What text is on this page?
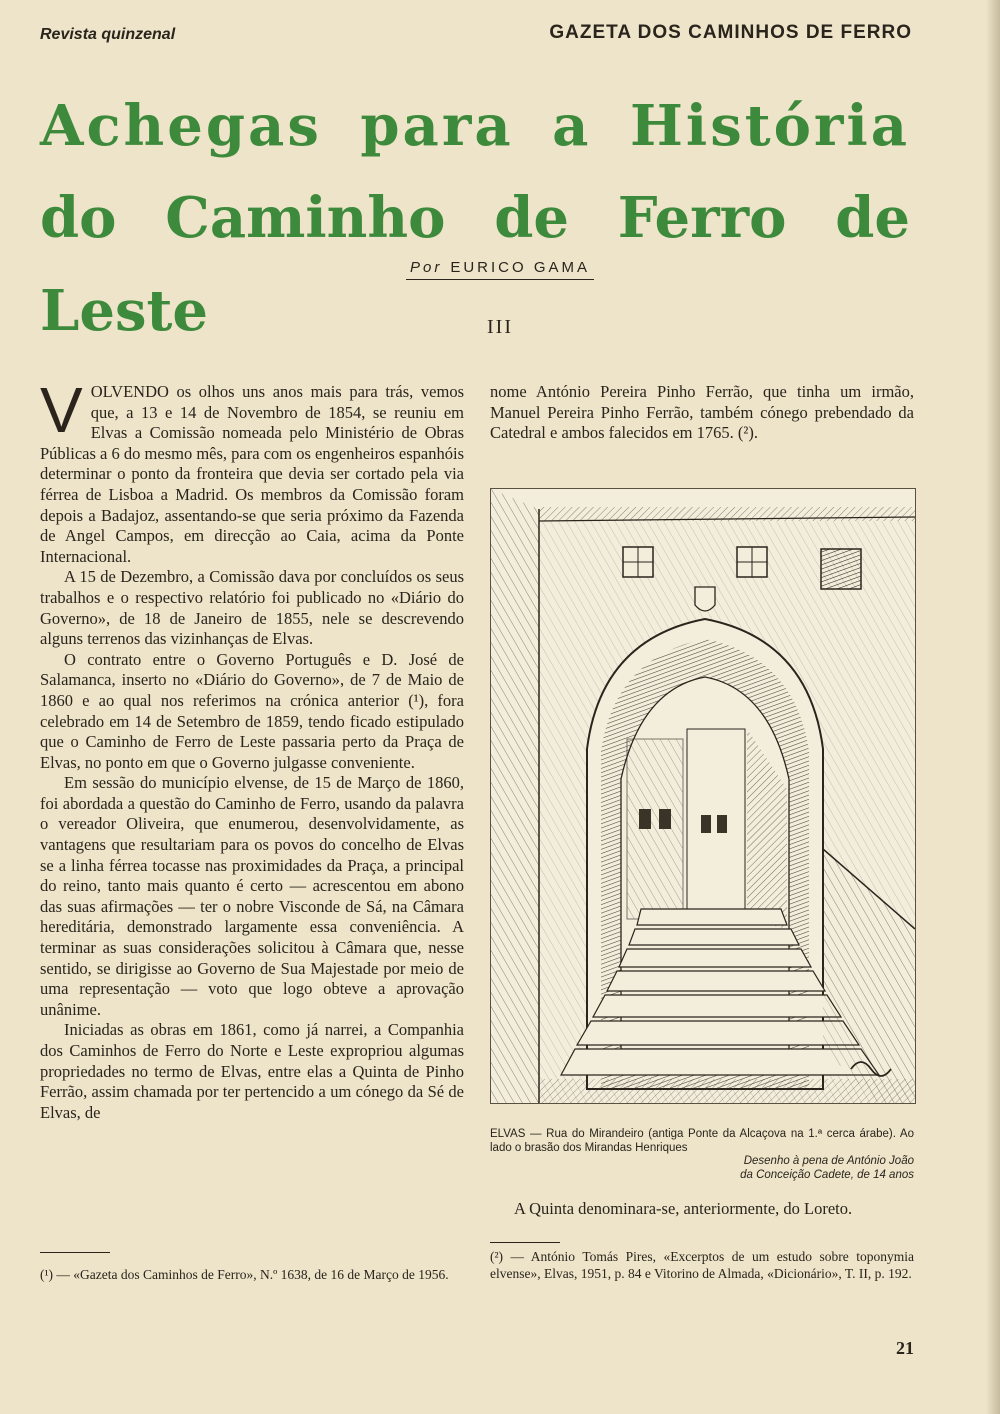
Revista quinzenal	GAZETA DOS CAMINHOS DE FERRO
Achegas para a História
do Caminho de Ferro de Leste
Por EURICO GAMA
III

VOLVENDO os olhos uns anos mais para trás, vemos que, a 13 e 14 de Novembro de 1854, se reuniu em Elvas a Comissão nomeada pelo Ministério de Obras Públicas a 6 do mesmo mês, para com os engenheiros espanhóis determinar o ponto da fronteira que devia ser cortado pela via férrea de Lisboa a Madrid. Os membros da Comissão foram depois a Badajoz, assentando-se que seria próximo da Fazenda de Angel Campos, em direcção ao Caia, acima da Ponte Internacional.

A 15 de Dezembro, a Comissão dava por concluídos os seus trabalhos e o respectivo relatório foi publicado no «Diário do Governo», de 18 de Janeiro de 1855, nele se descrevendo alguns terrenos das vizinhanças de Elvas.

O contrato entre o Governo Português e D. José de Salamanca, inserto no «Diário do Governo», de 7 de Maio de 1860 e ao qual nos referimos na crónica anterior (¹), fora celebrado em 14 de Setembro de 1859, tendo ficado estipulado que o Caminho de Ferro de Leste passaria perto da Praça de Elvas, no ponto em que o Governo julgasse conveniente.

Em sessão do município elvense, de 15 de Março de 1860, foi abordada a questão do Caminho de Ferro, usando da palavra o vereador Oliveira, que enumerou, desenvolvidamente, as vantagens que resultariam para os povos do concelho de Elvas se a linha férrea tocasse nas proximidades da Praça, a principal do reino, tanto mais quanto é certo — acrescentou em abono das suas afirmações — ter o nobre Visconde de Sá, na Câmara hereditária, demonstrado largamente essa conveniência. A terminar as suas considerações solicitou à Câmara que, nesse sentido, se dirigisse ao Governo de Sua Majestade por meio de uma representação — voto que logo obteve a aprovação unânime.

Iniciadas as obras em 1861, como já narrei, a Companhia dos Caminhos de Ferro do Norte e Leste expropriou algumas propriedades no termo de Elvas, entre elas a Quinta de Pinho Ferrão, assim chamada por ter pertencido a um cónego da Sé de Elvas, de

(¹) — «Gazeta dos Caminhos de Ferro», N.º 1638, de 16 de Março de 1956.

nome António Pereira Pinho Ferrão, que tinha um irmão, Manuel Pereira Pinho Ferrão, também cónego prebendado da Catedral e ambos falecidos em 1765. (²).

ELVAS — Rua do Mirandeiro (antiga Ponte da Alcaçova na 1.ª cerca árabe). Ao lado o brasão dos Mirandas Henriques
Desenho à pena de António João
da Conceição Cadete, de 14 anos

A Quinta denominara-se, anteriormente, do Loreto.

(²) — António Tomás Pires, «Excerptos de um estudo sobre toponymia elvense», Elvas, 1951, p. 84 e Vitorino de Almada, «Dicionário», T. II, p. 192.
21
